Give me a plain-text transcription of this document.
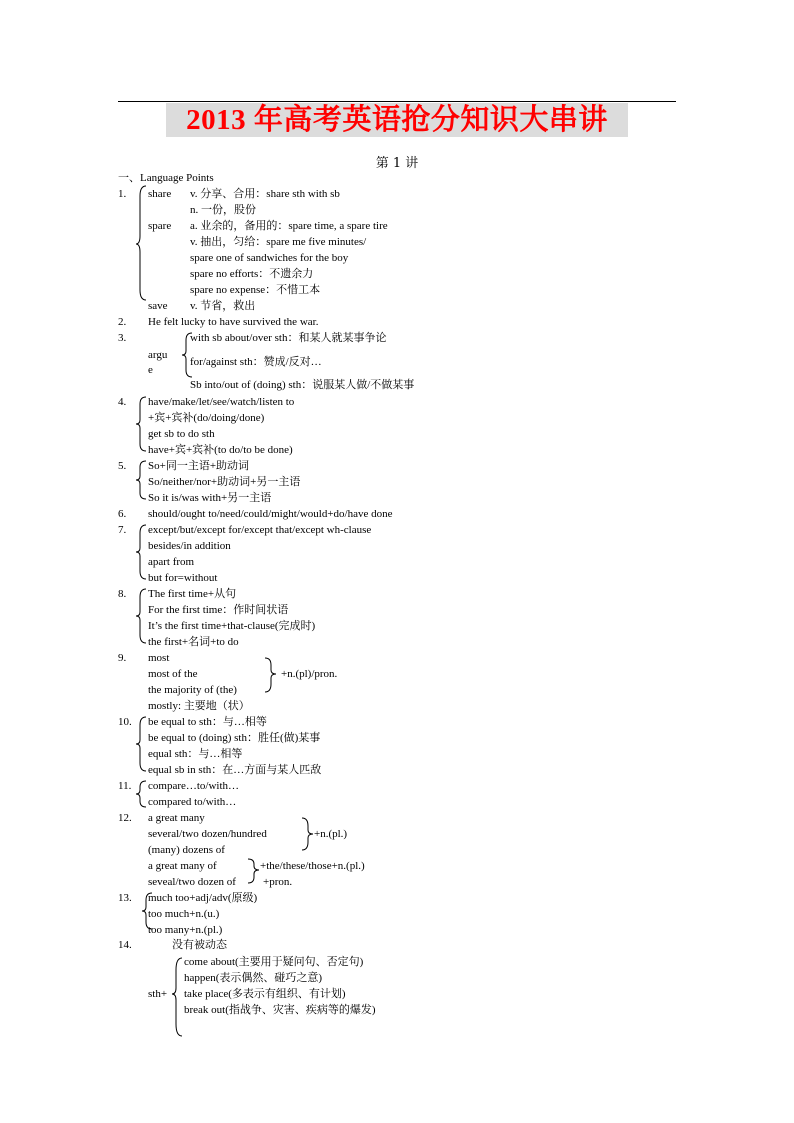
2013 年高考英语抢分知识大串讲
第 1 讲
一、Language Points
1. share v. 分享、合用：share sth with sb
n. 一份，股份
spare a. 业余的，备用的：spare time, a spare tire
v. 抽出，匀给：spare me five minutes/
spare one of sandwiches for the boy
spare no efforts：不遗余力
spare no expense：不惜工本
save v. 节省，救出
2. He felt lucky to have survived the war.
3.
argu
e
with sb about/over sth：和某人就某事争论
for/against sth：赞成/反对…
Sb into/out of (doing) sth：说服某人做/不做某事
4. have/make/let/see/watch/listen to
+宾+宾补(do/doing/done)
get sb to do sth
have+宾+宾补(to do/to be done)
5. So+同一主语+助动词
So/neither/nor+助动词+另一主语
So it is/was with+另一主语
6. should/ought to/need/could/might/would+do/have done
7. except/but/except for/except that/except wh-clause
besides/in addition
apart from
but for=without
8. The first time+从句
For the first time：作时间状语
It’s the first time+that-clause(完成时)
the first+名词+to do
9. most
most of the
the majority of (the)
mostly: 主要地（状）
+n.(pl)/pron.
10. be equal to sth：与…相等
be equal to (doing) sth：胜任(做)某事
equal sth：与…相等
equal sb in sth：在…方面与某人匹敌
11. compare…to/with…
compared to/with…
12. a great many
several/two dozen/hundred
(many) dozens of
+n.(pl.)
a great many of
seveal/two dozen of
+the/these/those+n.(pl.)
+pron.
13. much too+adj/adv(原级)
too much+n.(u.)
too many+n.(pl.)
14.	没有被动态
sth+
come about(主要用于疑问句、否定句)
happen(表示偶然、碰巧之意)
take place(多表示有组织、有计划)
break out(指战争、灾害、疾病等的爆发)
